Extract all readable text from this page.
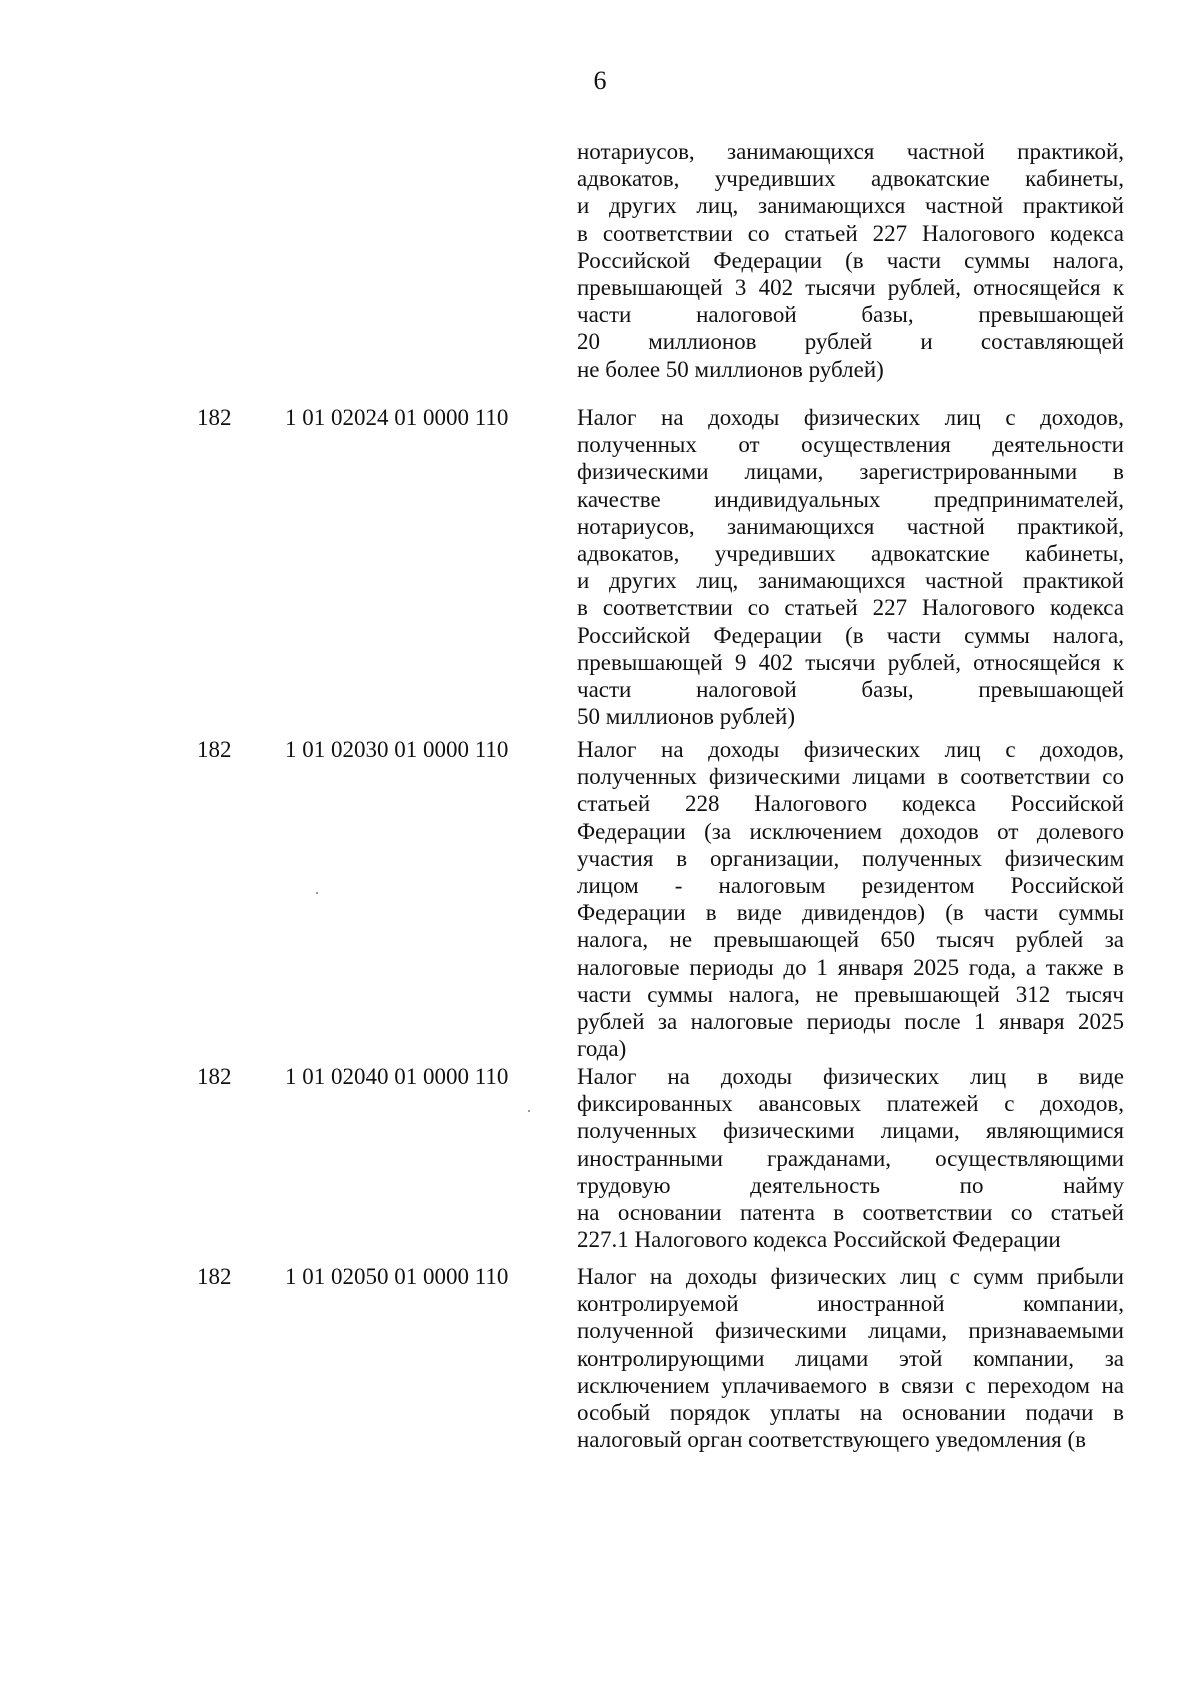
6
нотариусов, занимающихся частной практикой,
адвокатов, учредивших адвокатские кабинеты,
и других лиц, занимающихся частной практикой
в соответствии со статьей 227 Налогового кодекса
Российской Федерации (в части суммы налога,
превышающей 3 402 тысячи рублей, относящейся к
части налоговой базы, превышающей
20 миллионов рублей и составляющей
не более 50 миллионов рублей)
182 1 01 02024 01 0000 110	Налог на доходы физических лиц с доходов,
полученных от осуществления деятельности
физическими лицами, зарегистрированными в
качестве индивидуальных предпринимателей,
нотариусов, занимающихся частной практикой,
адвокатов, учредивших адвокатские кабинеты,
и других лиц, занимающихся частной практикой
в соответствии со статьей 227 Налогового кодекса
Российской Федерации (в части суммы налога,
превышающей 9 402 тысячи рублей, относящейся к
части налоговой базы, превышающей
50 миллионов рублей)
182 1 01 02030 01 0000 110	Налог на доходы физических лиц с доходов,
полученных физическими лицами в соответствии со
статьей 228 Налогового кодекса Российской
Федерации (за исключением доходов от долевого
участия в организации, полученных физическим
лицом - налоговым резидентом Российской
Федерации в виде дивидендов) (в части суммы
налога, не превышающей 650 тысяч рублей за
налоговые периоды до 1 января 2025 года, а также в
части суммы налога, не превышающей 312 тысяч
рублей за налоговые периоды после 1 января 2025
года)
182 1 01 02040 01 0000 110	Налог на доходы физических лиц в виде
фиксированных авансовых платежей с доходов,
полученных физическими лицами, являющимися
иностранными гражданами, осуществляющими
трудовую деятельность по найму
на основании патента в соответствии со статьей
227.1 Налогового кодекса Российской Федерации
182 1 01 02050 01 0000 110	Налог на доходы физических лиц с сумм прибыли
контролируемой иностранной компании,
полученной физическими лицами, признаваемыми
контролирующими лицами этой компании, за
исключением уплачиваемого в связи с переходом на
особый порядок уплаты на основании подачи в
налоговый орган соответствующего уведомления (в
